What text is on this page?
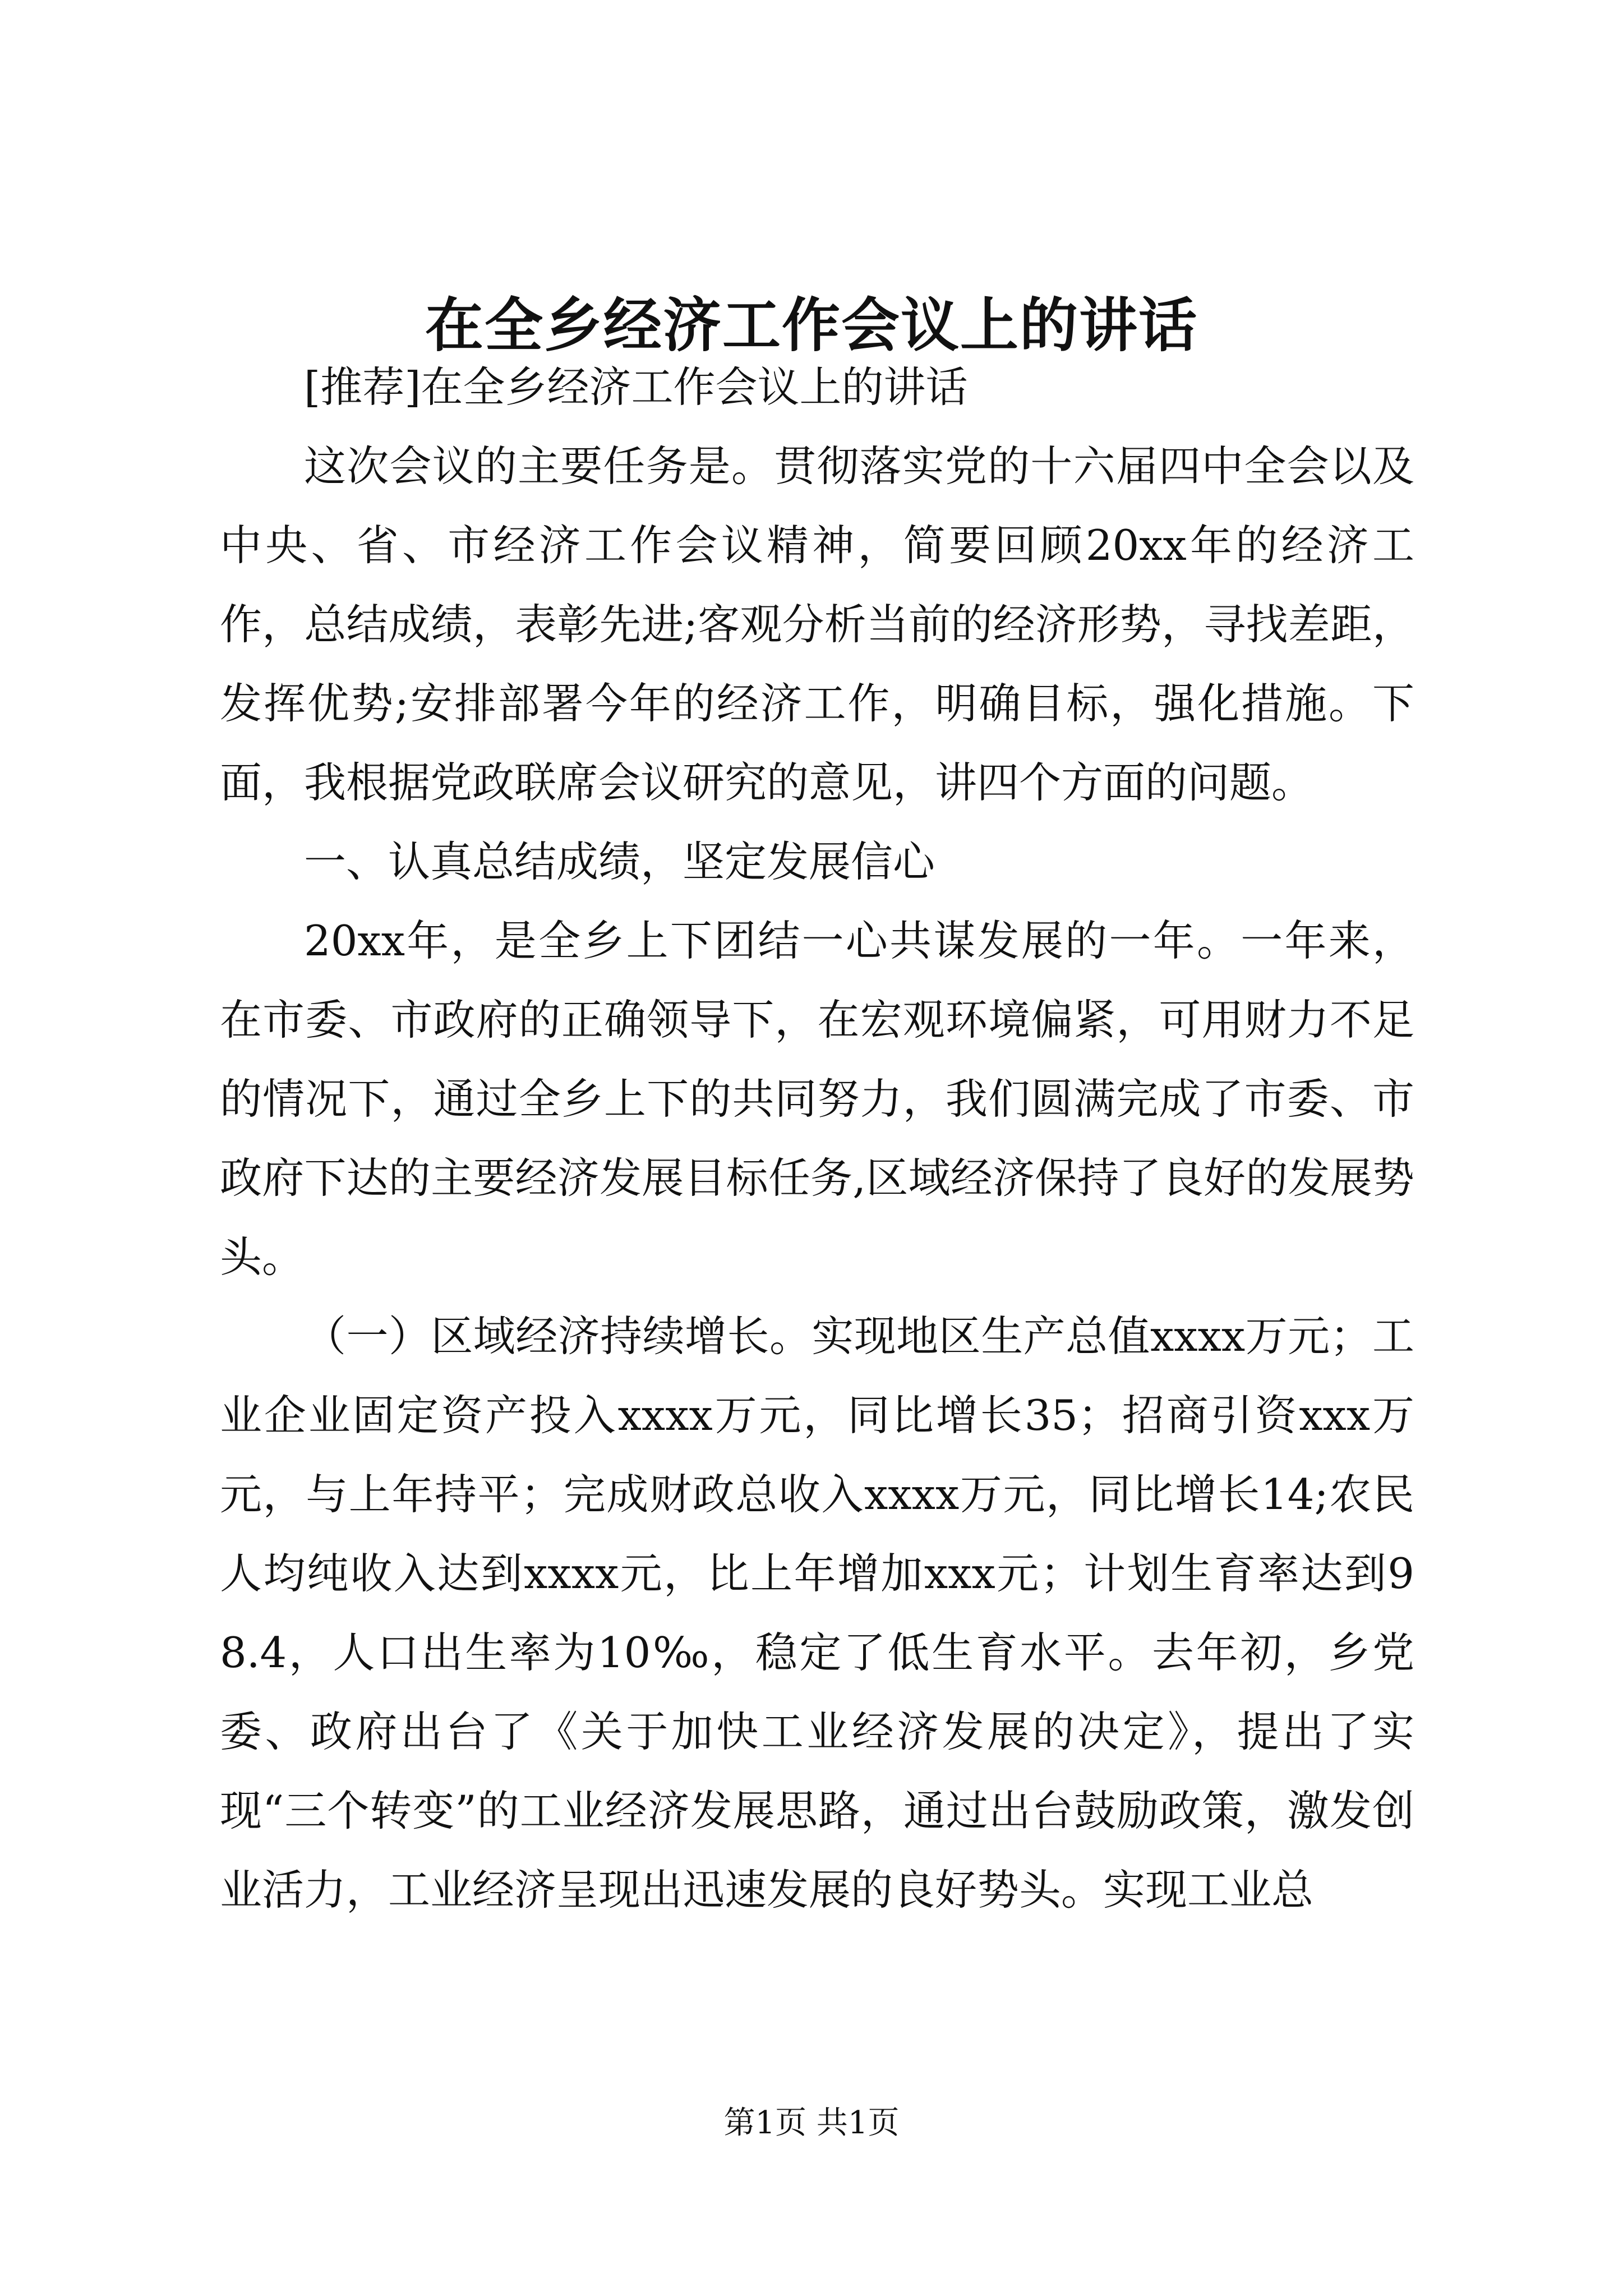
在全乡经济工作会议上的讲话

[推荐]在全乡经济工作会议上的讲话

这次会议的主要任务是。贯彻落实党的十六届四中全会以及中央、省、市经济工作会议精神，简要回顾20xx年的经济工作，总结成绩，表彰先进;客观分析当前的经济形势，寻找差距，发挥优势;安排部署今年的经济工作，明确目标，强化措施。下面，我根据党政联席会议研究的意见，讲四个方面的问题。

一、认真总结成绩，坚定发展信心

20xx年，是全乡上下团结一心共谋发展的一年。一年来，在市委、市政府的正确领导下，在宏观环境偏紧，可用财力不足的情况下，通过全乡上下的共同努力，我们圆满完成了市委、市政府下达的主要经济发展目标任务,区域经济保持了良好的发展势头。

（一）区域经济持续增长。实现地区生产总值xxxx万元；工业企业固定资产投入xxxx万元，同比增长35；招商引资xxx万元，与上年持平；完成财政总收入xxxx万元，同比增长14;农民人均纯收入达到xxxx元，比上年增加xxx元；计划生育率达到98.4，人口出生率为10‰，稳定了低生育水平。去年初，乡党委、政府出台了《关于加快工业经济发展的决定》，提出了实现“三个转变”的工业经济发展思路，通过出台鼓励政策，激发创业活力，工业经济呈现出迅速发展的良好势头。实现工业总

第1页 共1页
